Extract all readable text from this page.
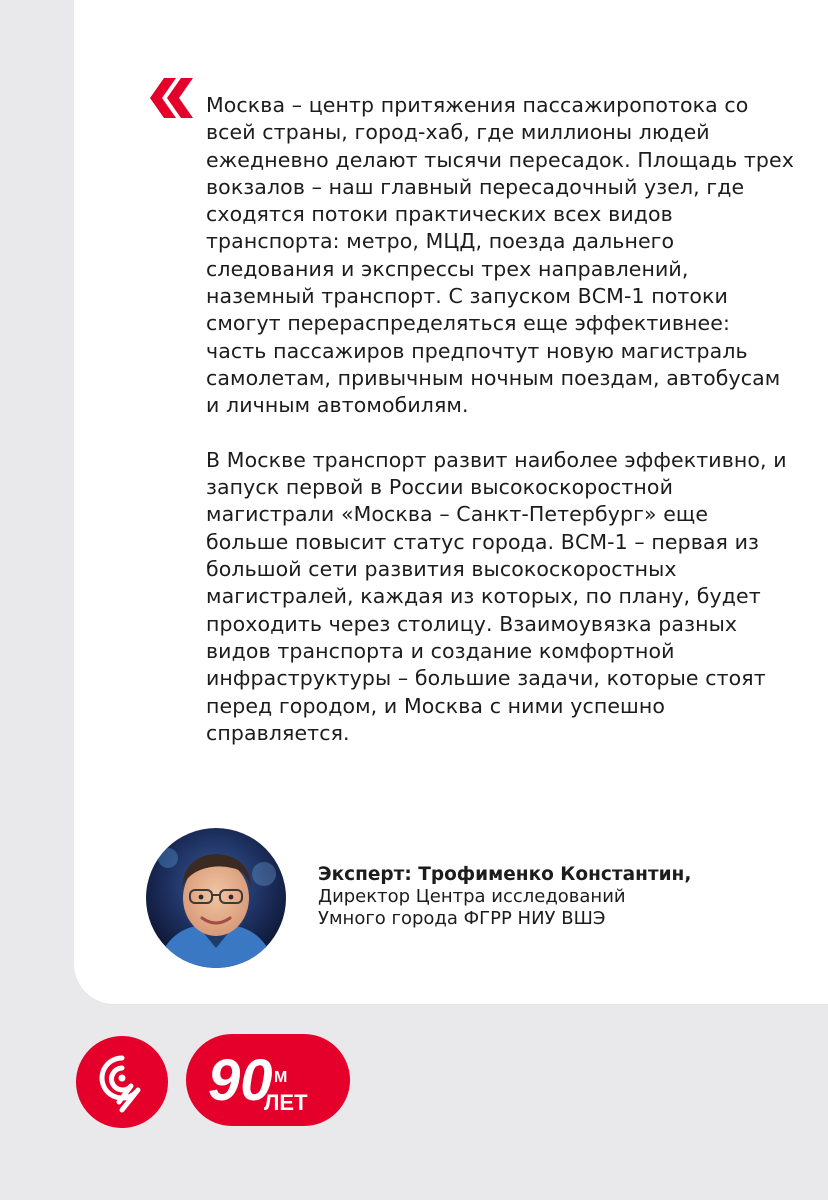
Москва – центр притяжения пассажиропотока со всей страны, город-хаб, где миллионы людей ежедневно делают тысячи пересадок. Площадь трех вокзалов – наш главный пересадочный узел, где сходятся потоки практических всех видов транспорта: метро, МЦД, поезда дальнего следования и экспрессы трех направлений, наземный транспорт. С запуском ВСМ-1 потоки смогут перераспределяться еще эффективнее: часть пассажиров предпочтут новую магистраль самолетам, привычным ночным поездам, автобусам и личным автомобилям.

В Москве транспорт развит наиболее эффективно, и запуск первой в России высокоскоростной магистрали «Москва – Санкт-Петербург» еще больше повысит статус города. ВСМ-1 – первая из большой сети развития высокоскоростных магистралей, каждая из которых, по плану, будет проходить через столицу. Взаимоувязка разных видов транспорта и создание комфортной инфраструктуры – большие задачи, которые стоят перед городом, и Москва с ними успешно справляется.

Эксперт: Трофименко Константин,
Директор Центра исследований
Умного города ФГРР НИУ ВШЭ
90
ЛЕТ
М
